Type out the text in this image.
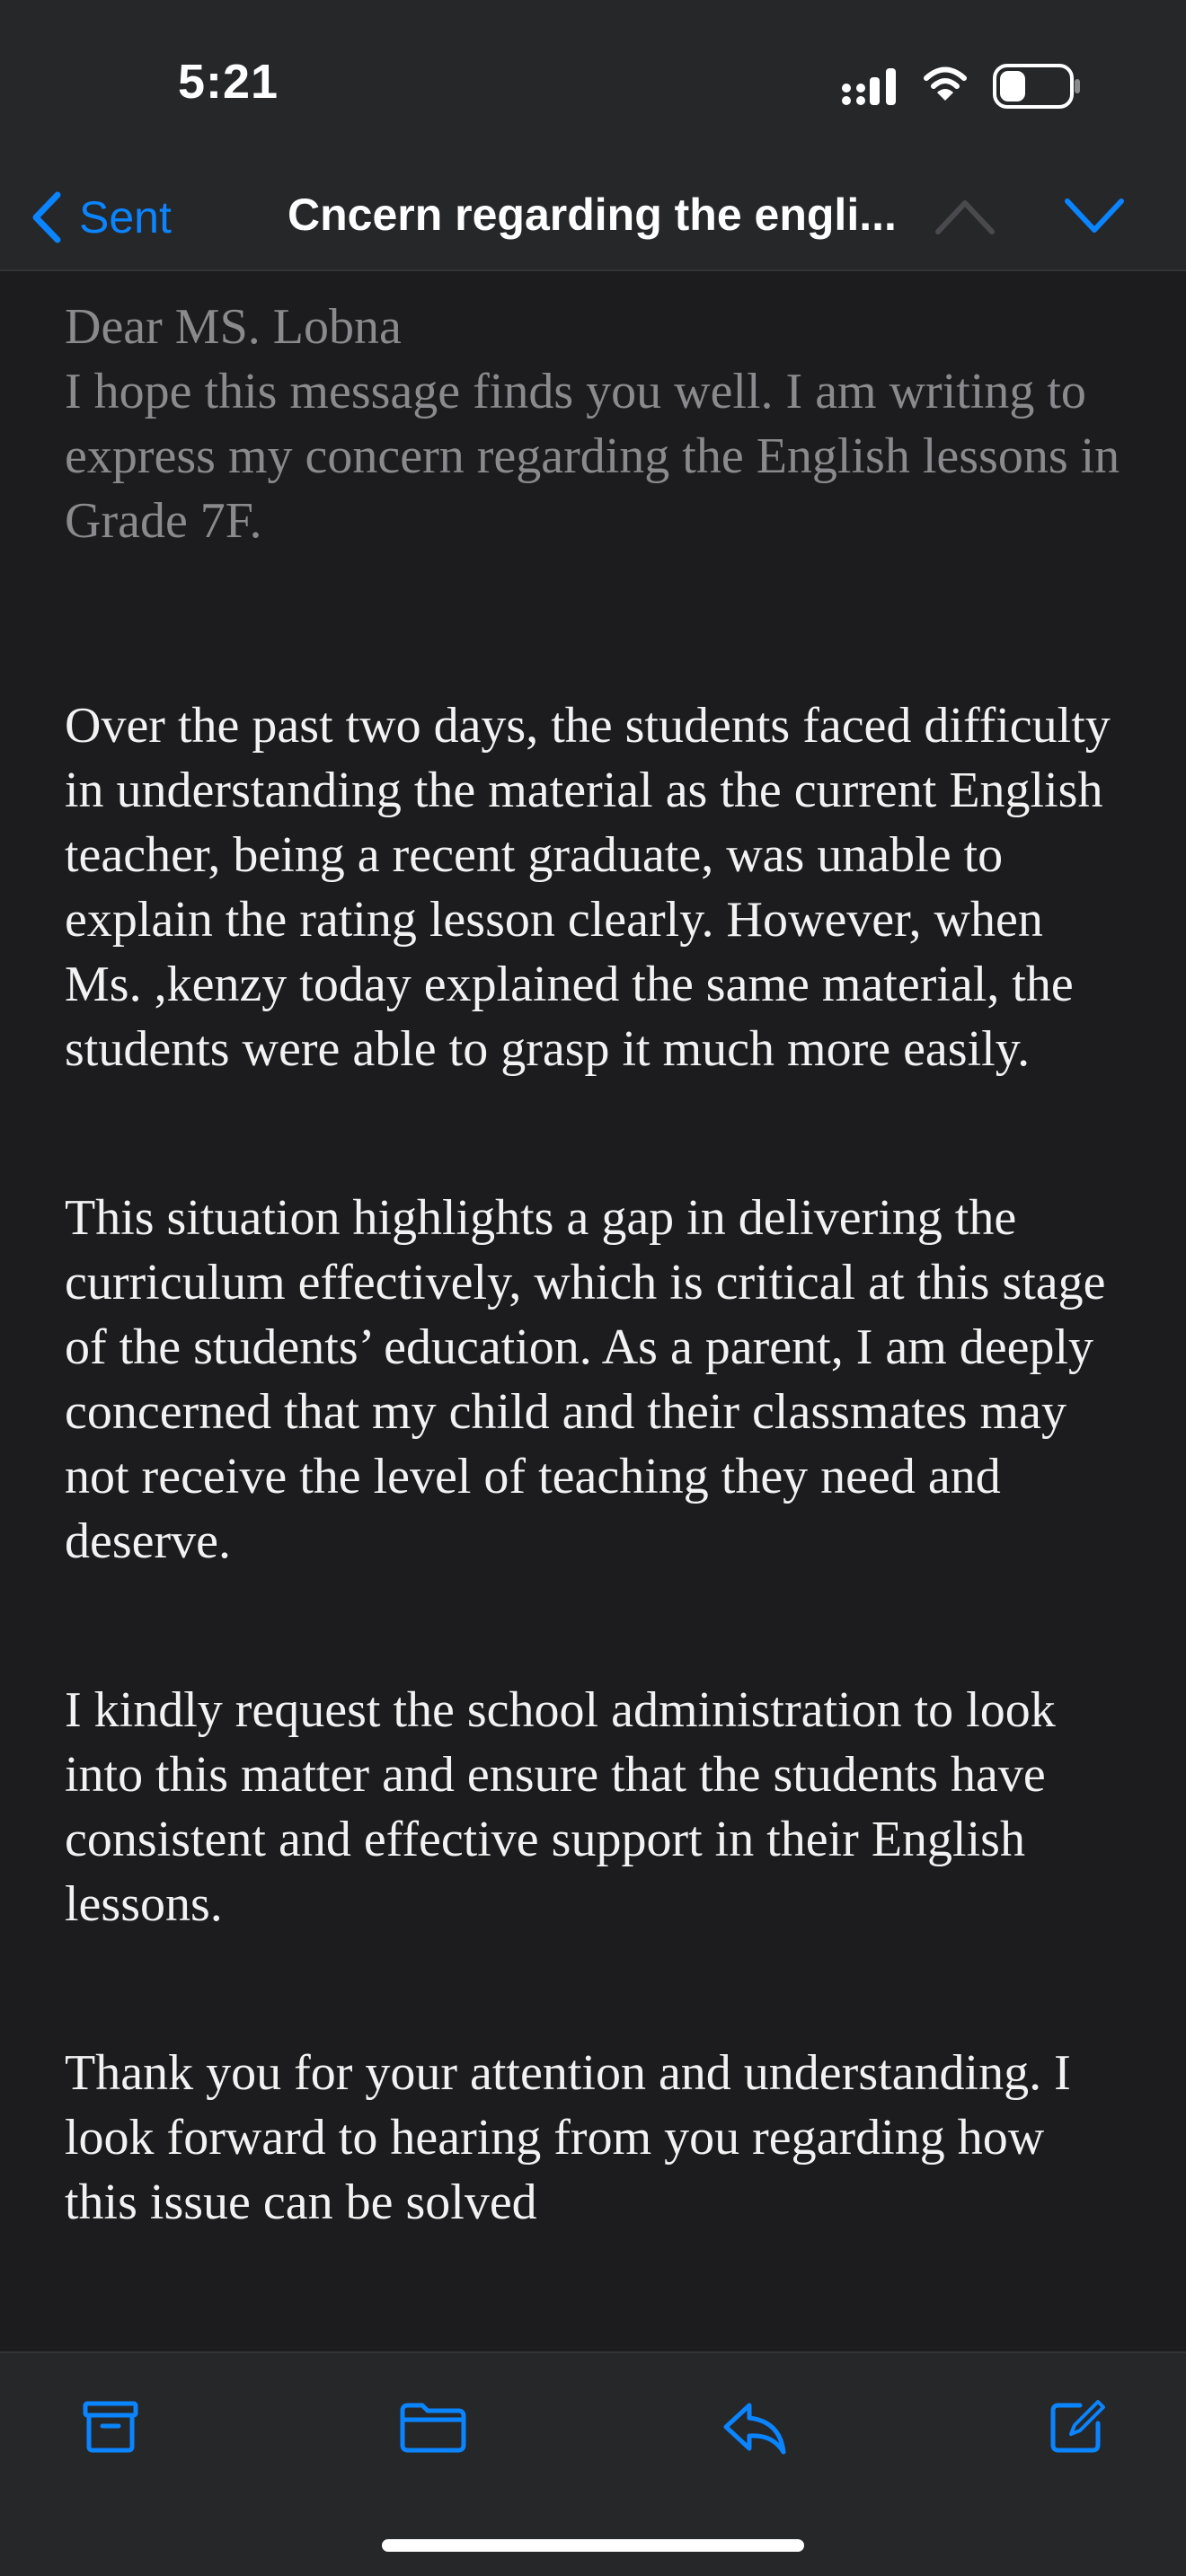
5:21
Sent	Cncern regarding the engli...

Dear MS. Lobna
I hope this message finds you well. I am writing to express my concern regarding the English lessons in Grade 7F.

Over the past two days, the students faced difficulty in understanding the material as the current English teacher, being a recent graduate, was unable to explain the rating lesson clearly. However, when Ms. ,kenzy today explained the same material, the students were able to grasp it much more easily.

This situation highlights a gap in delivering the curriculum effectively, which is critical at this stage of the students’ education. As a parent, I am deeply concerned that my child and their classmates may not receive the level of teaching they need and deserve.

I kindly request the school administration to look into this matter and ensure that the students have consistent and effective support in their English lessons.

Thank you for your attention and understanding. I look forward to hearing from you regarding how this issue can be solved
